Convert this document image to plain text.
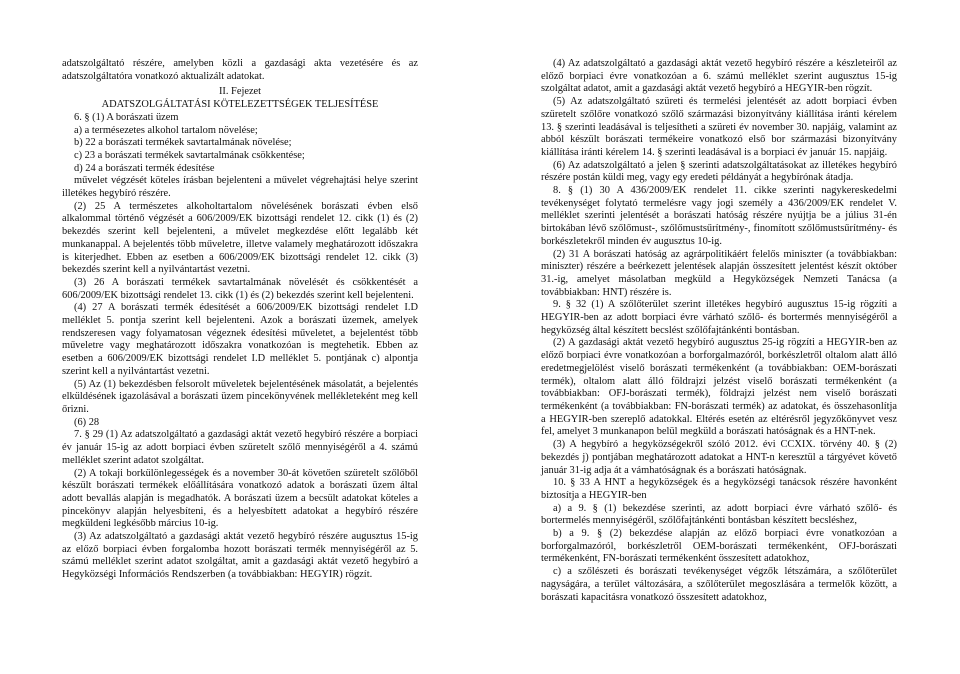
adatszolgáltató részére, amelyben közli a gazdasági akta vezetésére és az adatszolgáltatóra vonatkozó aktualizált adatokat.

II. Fejezet

ADATSZOLGÁLTATÁSI KÖTELEZETTSÉGEK TELJESÍTÉSE

6. § (1) A borászati üzem

a) a termésezetes alkohol tartalom növelése;

b) 22 a borászati termékek savtartalmának növelése;

c) 23 a borászati termékek savtartalmának csökkentése;

d) 24 a borászati termék édesítése

művelet végzését köteles írásban bejelenteni a művelet végrehajtási helye szerint illetékes hegybíró részére.

(2) 25 A természetes alkoholtartalom növelésének borászati évben első alkalommal történő végzését a 606/2009/EK bizottsági rendelet 12. cikk (1) és (2) bekezdés szerint kell bejelenteni, a művelet megkezdése előtt legalább két munkanappal. A bejelentés több műveletre, illetve valamely meghatározott időszakra is kiterjedhet. Ebben az esetben a 606/2009/EK bizottsági rendelet 12. cikk (3) bekezdés szerint kell a nyilvántartást vezetni.

(3) 26 A borászati termékek savtartalmának növelését és csökkentését a 606/2009/EK bizottsági rendelet 13. cikk (1) és (2) bekezdés szerint kell bejelenteni.

(4) 27 A borászati termék édesítését a 606/2009/EK bizottsági rendelet I.D melléklet 5. pontja szerint kell bejelenteni. Azok a borászati üzemek, amelyek rendszeresen vagy folyamatosan végeznek édesítési műveletet, a bejelentést több műveletre vagy meghatározott időszakra vonatkozóan is megtehetik. Ebben az esetben a 606/2009/EK bizottsági rendelet I.D melléklet 5. pontjának c) alpontja szerint kell a nyilvántartást vezetni.

(5) Az (1) bekezdésben felsorolt műveletek bejelentésének másolatát, a bejelentés elküldésének igazolásával a borászati üzem pincekönyvének mellékleteként meg kell őrizni.

(6) 28

7. § 29 (1) Az adatszolgáltató a gazdasági aktát vezető hegybíró részére a borpiaci év január 15-ig az adott borpiaci évben szüretelt szőlő mennyiségéről a 4. számú melléklet szerint adatot szolgáltat.

(2) A tokaji borkülönlegességek és a november 30-át követően szüretelt szőlőből készült borászati termékek előállítására vonatkozó adatok a borászati üzem által adott bevallás alapján is megadhatók. A borászati üzem a becsült adatokat köteles a pincekönyv alapján helyesbíteni, és a helyesbített adatokat a hegybíró részére megküldeni legkésőbb március 10-ig.

(3) Az adatszolgáltató a gazdasági aktát vezető hegybíró részére augusztus 15-ig az előző borpiaci évben forgalomba hozott borászati termék mennyiségéről az 5. számú melléklet szerint adatot szolgáltat, amit a gazdasági aktát vezető hegybíró a Hegyközségi Információs Rendszerben (a továbbiakban: HEGYIR) rögzít.

(4) Az adatszolgáltató a gazdasági aktát vezető hegybíró részére a készleteiről az előző borpiaci évre vonatkozóan a 6. számú melléklet szerint augusztus 15-ig szolgáltat adatot, amit a gazdasági aktát vezető hegybíró a HEGYIR-ben rögzít.

(5) Az adatszolgáltató szüreti és termelési jelentését az adott borpiaci évben szüretelt szőlőre vonatkozó szőlő származási bizonyítvány kiállítása iránti kérelem 13. § szerinti leadásával is teljesítheti a szüreti év november 30. napjáig, valamint az abból készült borászati termékeire vonatkozó első bor származási bizonyítvány kiállítása iránti kérelem 14. § szerinti leadásával is a borpiaci év január 15. napjáig.

(6) Az adatszolgáltató a jelen § szerinti adatszolgáltatásokat az illetékes hegybíró részére postán küldi meg, vagy egy eredeti példányát a hegybírónak átadja.

8. § (1) 30 A 436/2009/EK rendelet 11. cikke szerinti nagykereskedelmi tevékenységet folytató termelésre vagy jogi személy a 436/2009/EK rendelet V. melléklet szerinti jelentését a borászati hatóság részére nyújtja be a július 31-én birtokában lévő szőlőmust-, szőlőmustsűrítmény-, finomított szőlőmustsűrítmény- és borkészletekről minden év augusztus 10-ig.

(2) 31 A borászati hatóság az agrárpolitikáért felelős miniszter (a továbbiakban: miniszter) részére a beérkezett jelentések alapján összesített jelentést készít október 31.-ig, amelyet másolatban megküld a Hegyközségek Nemzeti Tanácsa (a továbbiakban: HNT) részére is.

9. § 32 (1) A szőlőterület szerint illetékes hegybíró augusztus 15-ig rögzíti a HEGYIR-ben az adott borpiaci évre várható szőlő- és bortermés mennyiségéről a hegyközség által készített becslést szőlőfajtánkénti bontásban.

(2) A gazdasági aktát vezető hegybíró augusztus 25-ig rögzíti a HEGYIR-ben az előző borpiaci évre vonatkozóan a borforgalmazóról, borkészletről oltalom alatt álló eredetmegjelölést viselő borászati termékenként (a továbbiakban: OEM-borászati termék), oltalom alatt álló földrajzi jelzést viselő borászati termékenként (a továbbiakban: OFJ-borászati termék), földrajzi jelzést nem viselő borászati termékenként (a továbbiakban: FN-borászati termék) az adatokat, és összehasonlítja a HEGYIR-ben szereplő adatokkal. Eltérés esetén az eltérésről jegyzőkönyvet vesz fel, amelyet 3 munkanapon belül megküld a borászati hatóságnak és a HNT-nek.

(3) A hegybíró a hegyközségekről szóló 2012. évi CCXIX. törvény 40. § (2) bekezdés j) pontjában meghatározott adatokat a HNT-n keresztül a tárgyévet követő január 31-ig adja át a vámhatóságnak és a borászati hatóságnak.

10. § 33 A HNT a hegyközségek és a hegyközségi tanácsok részére havonként biztosítja a HEGYIR-ben

a) a 9. § (1) bekezdése szerinti, az adott borpiaci évre várható szőlő- és bortermelés mennyiségéről, szőlőfajtánkénti bontásban készített becsléshez,

b) a 9. § (2) bekezdése alapján az előző borpiaci évre vonatkozóan a borforgalmazóról, borkészletről OEM-borászati termékenként, OFJ-borászati termékenként, FN-borászati termékenként összesített adatokhoz,

c) a szőlészeti és borászati tevékenységet végzők létszámára, a szőlőterület nagyságára, a terület változására, a szőlőterület megoszlására a termelők között, a borászati kapacitásra vonatkozó összesített adatokhoz,
